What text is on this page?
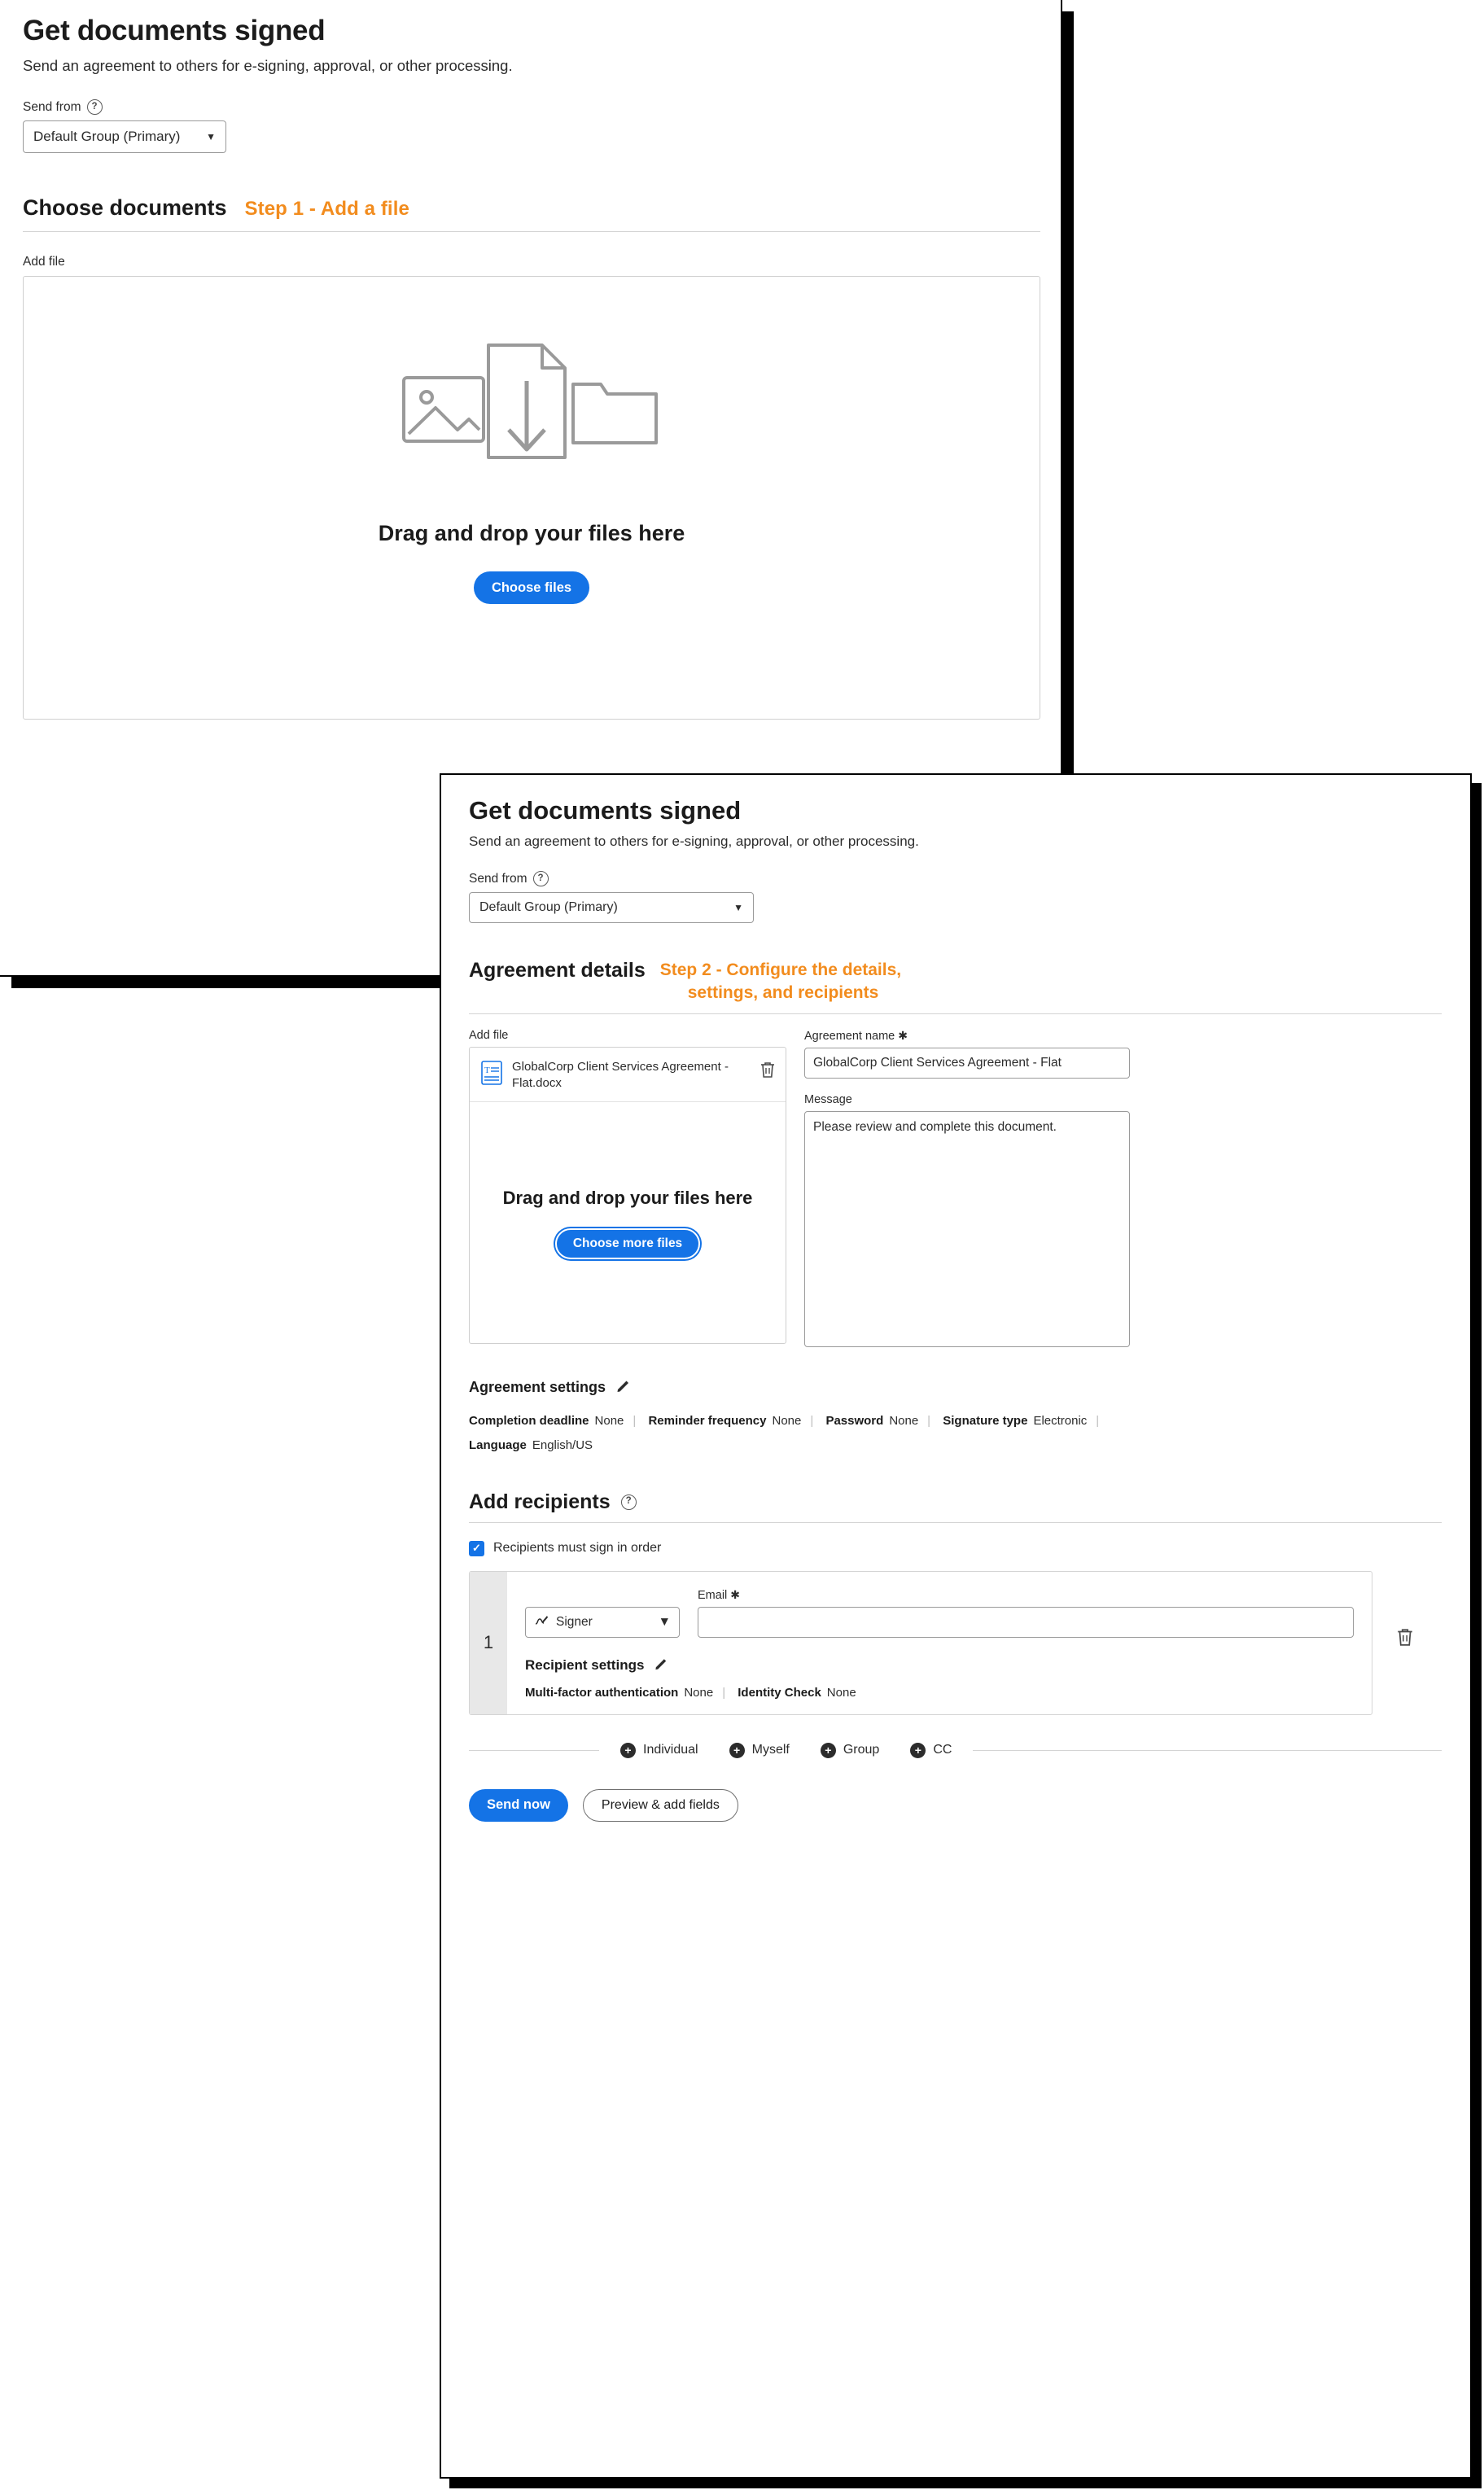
Get documents signed

Send an agreement to others for e-signing, approval, or other processing.

Send from	?
Default Group (Primary)	▼
Choose documents Step 1 - Add a file
Add file
Drag and drop your files here
Choose files
Get documents signed

Send an agreement to others for e-signing, approval, or other processing.

Send from	?
Default Group (Primary)	▼
Agreement details Step 2 - Configure the details,
settings, and recipients
Add file
T GlobalCorp Client Services Agreement - Flat.docx
Drag and drop your files here
Choose more files
Agreement name ✱
GlobalCorp Client Services Agreement - Flat
Message
Please review and complete this document.
Agreement settings
Completion deadline None | Reminder frequency None | Password None | Signature type Electronic |
Language English/US
Add recipients	?
✓ Recipients must sign in order
1
Signer	▼
Email ✱
Recipient settings
Multi-factor authentication None | Identity Check None
+ Individual	+ Myself	+ Group	+ CC
Send now	Preview & add fields
